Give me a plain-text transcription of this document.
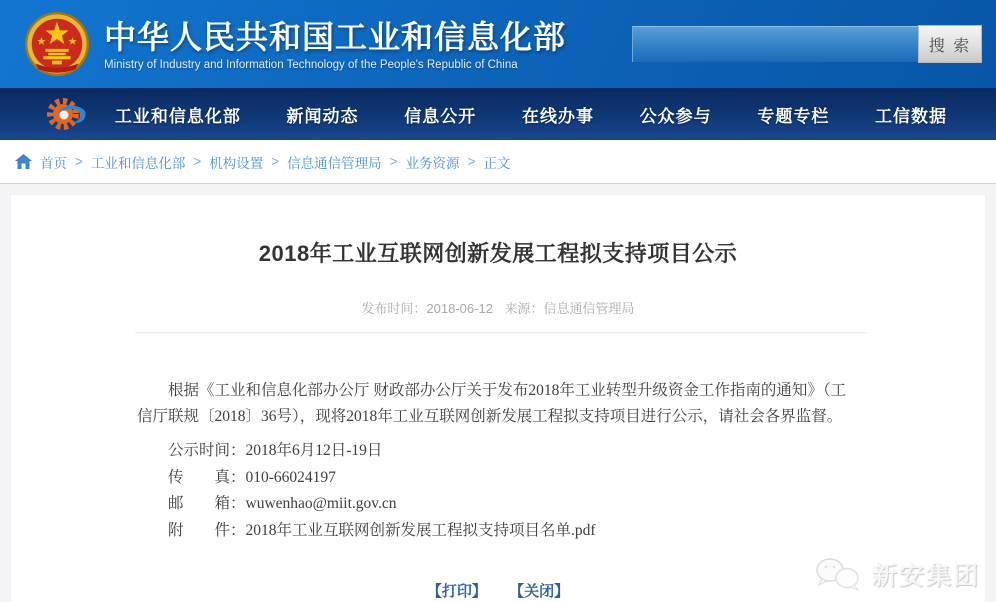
中华人民共和国工业和信息化部
Ministry of Industry and Information Technology of the People's Republic of China
搜 索
工业和信息化部	新闻动态	信息公开	在线办事	公众参与	专题专栏	工信数据
首页 > 工业和信息化部 > 机构设置 > 信息通信管理局 > 业务资源 > 正文
2018年工业互联网创新发展工程拟支持项目公示
发布时间：2018-06-12 来源：信息通信管理局

根据《工业和信息化部办公厅 财政部办公厅关于发布2018年工业转型升级资金工作指南的通知》（工信厅联规〔2018〕36号），现将2018年工业互联网创新发展工程拟支持项目进行公示，请社会各界监督。

公示时间：2018年6月12日-19日
传　　真：010-66024197
邮　　箱：wuwenhao@miit.gov.cn
附　　件：2018年工业互联网创新发展工程拟支持项目名单.pdf
【打印】 【关闭】
新安集团
